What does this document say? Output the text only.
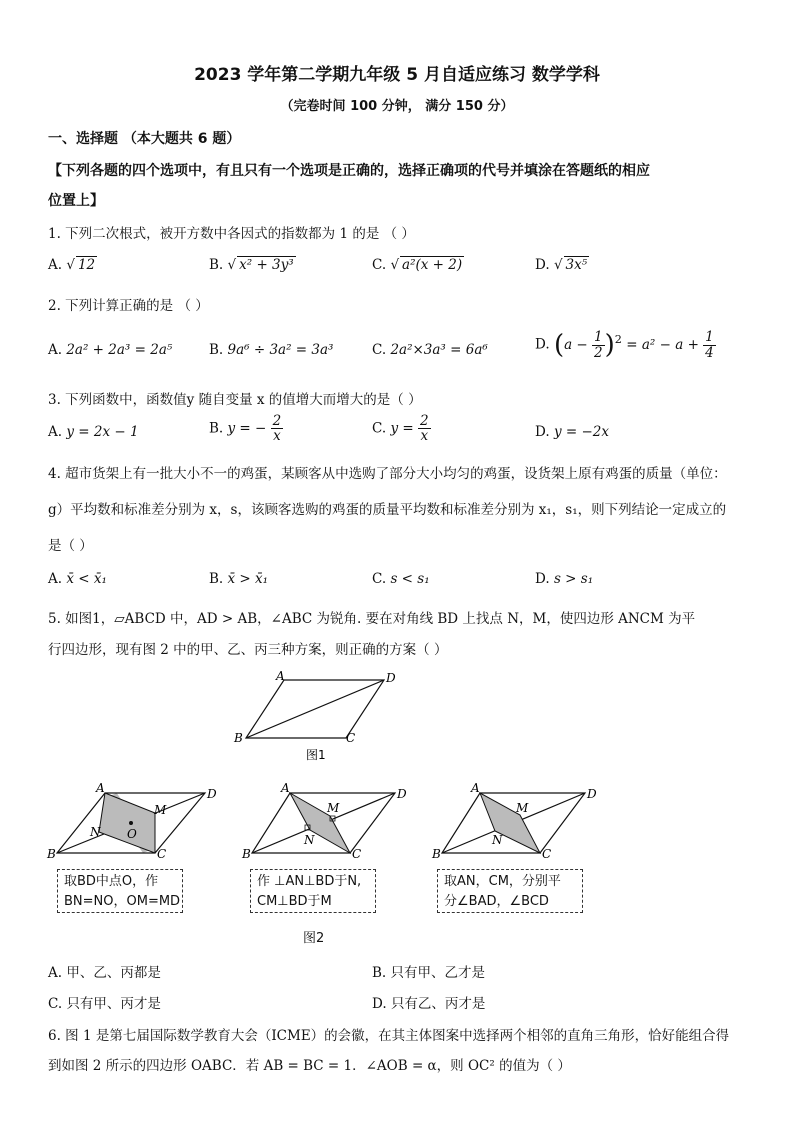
2023 学年第二学期九年级 5 月自适应练习 数学学科
（完卷时间 100 分钟， 满分 150 分）
一、选择题 （本大题共 6 题）
【下列各题的四个选项中，有且只有一个选项是正确的，选择正确项的代号并填涂在答题纸的相应
位置上】
1. 下列二次根式，被开方数中各因式的指数都为 1 的是 （ ）
A. √ 12	B. √ x² + 3y³	C. √ a²(x + 2)	D. √ 3x⁵
2. 下列计算正确的是 （ ）
A. 2a² + 2a³ = 2a⁵	B. 9a⁶ ÷ 3a² = 3a³	C. 2a²×3a³ = 6a⁶	D. $(a - \frac{1}{2} )^2 = a^2 - a + \frac{1}{4}$
3. 下列函数中，函数值y 随自变量 x 的值增大而增大的是（ ）
A. y = 2x − 1	B. y = − $\frac{2}{x}$	C. $y = \frac{2}{x}$	D. y = −2x
4. 超市货架上有一批大小不一的鸡蛋，某顾客从中选购了部分大小均匀的鸡蛋，设货架上原有鸡蛋的质量（单位：
g）平均数和标准差分别为 x，s，该顾客选购的鸡蛋的质量平均数和标准差分别为 x₁，s₁，则下列结论一定成立的
是（ ）
A. x̄ < x̄₁	B. x̄ > x̄₁	C. s < s₁	D. s > s₁
5. 如图1，▱ABCD 中，AD > AB，∠ABC 为锐角. 要在对角线 BD 上找点 N，M，使四边形 ANCM 为平
行四边形，现有图 2 中的甲、乙、丙三种方案，则正确的方案（ ）
A	D
B	C
图1
A	D
B	C
N
M
O
A	D
B	C
N
M
A	D
B	C
N
M
取BD中点O，作
BN=NO，OM=MD
作 ⊥AN⊥BD于N,
CM⊥BD于M
取AN，CM，分别平
分∠BAD，∠BCD
图2
A. 甲、乙、丙都是	B. 只有甲、乙才是
C. 只有甲、丙才是	D. 只有乙、丙才是
6. 图 1 是第七届国际数学教育大会（ICME）的会徽，在其主体图案中选择两个相邻的直角三角形，恰好能组合得
到如图 2 所示的四边形 OABC．若 AB = BC = 1．∠AOB = α，则 OC² 的值为（ ）
